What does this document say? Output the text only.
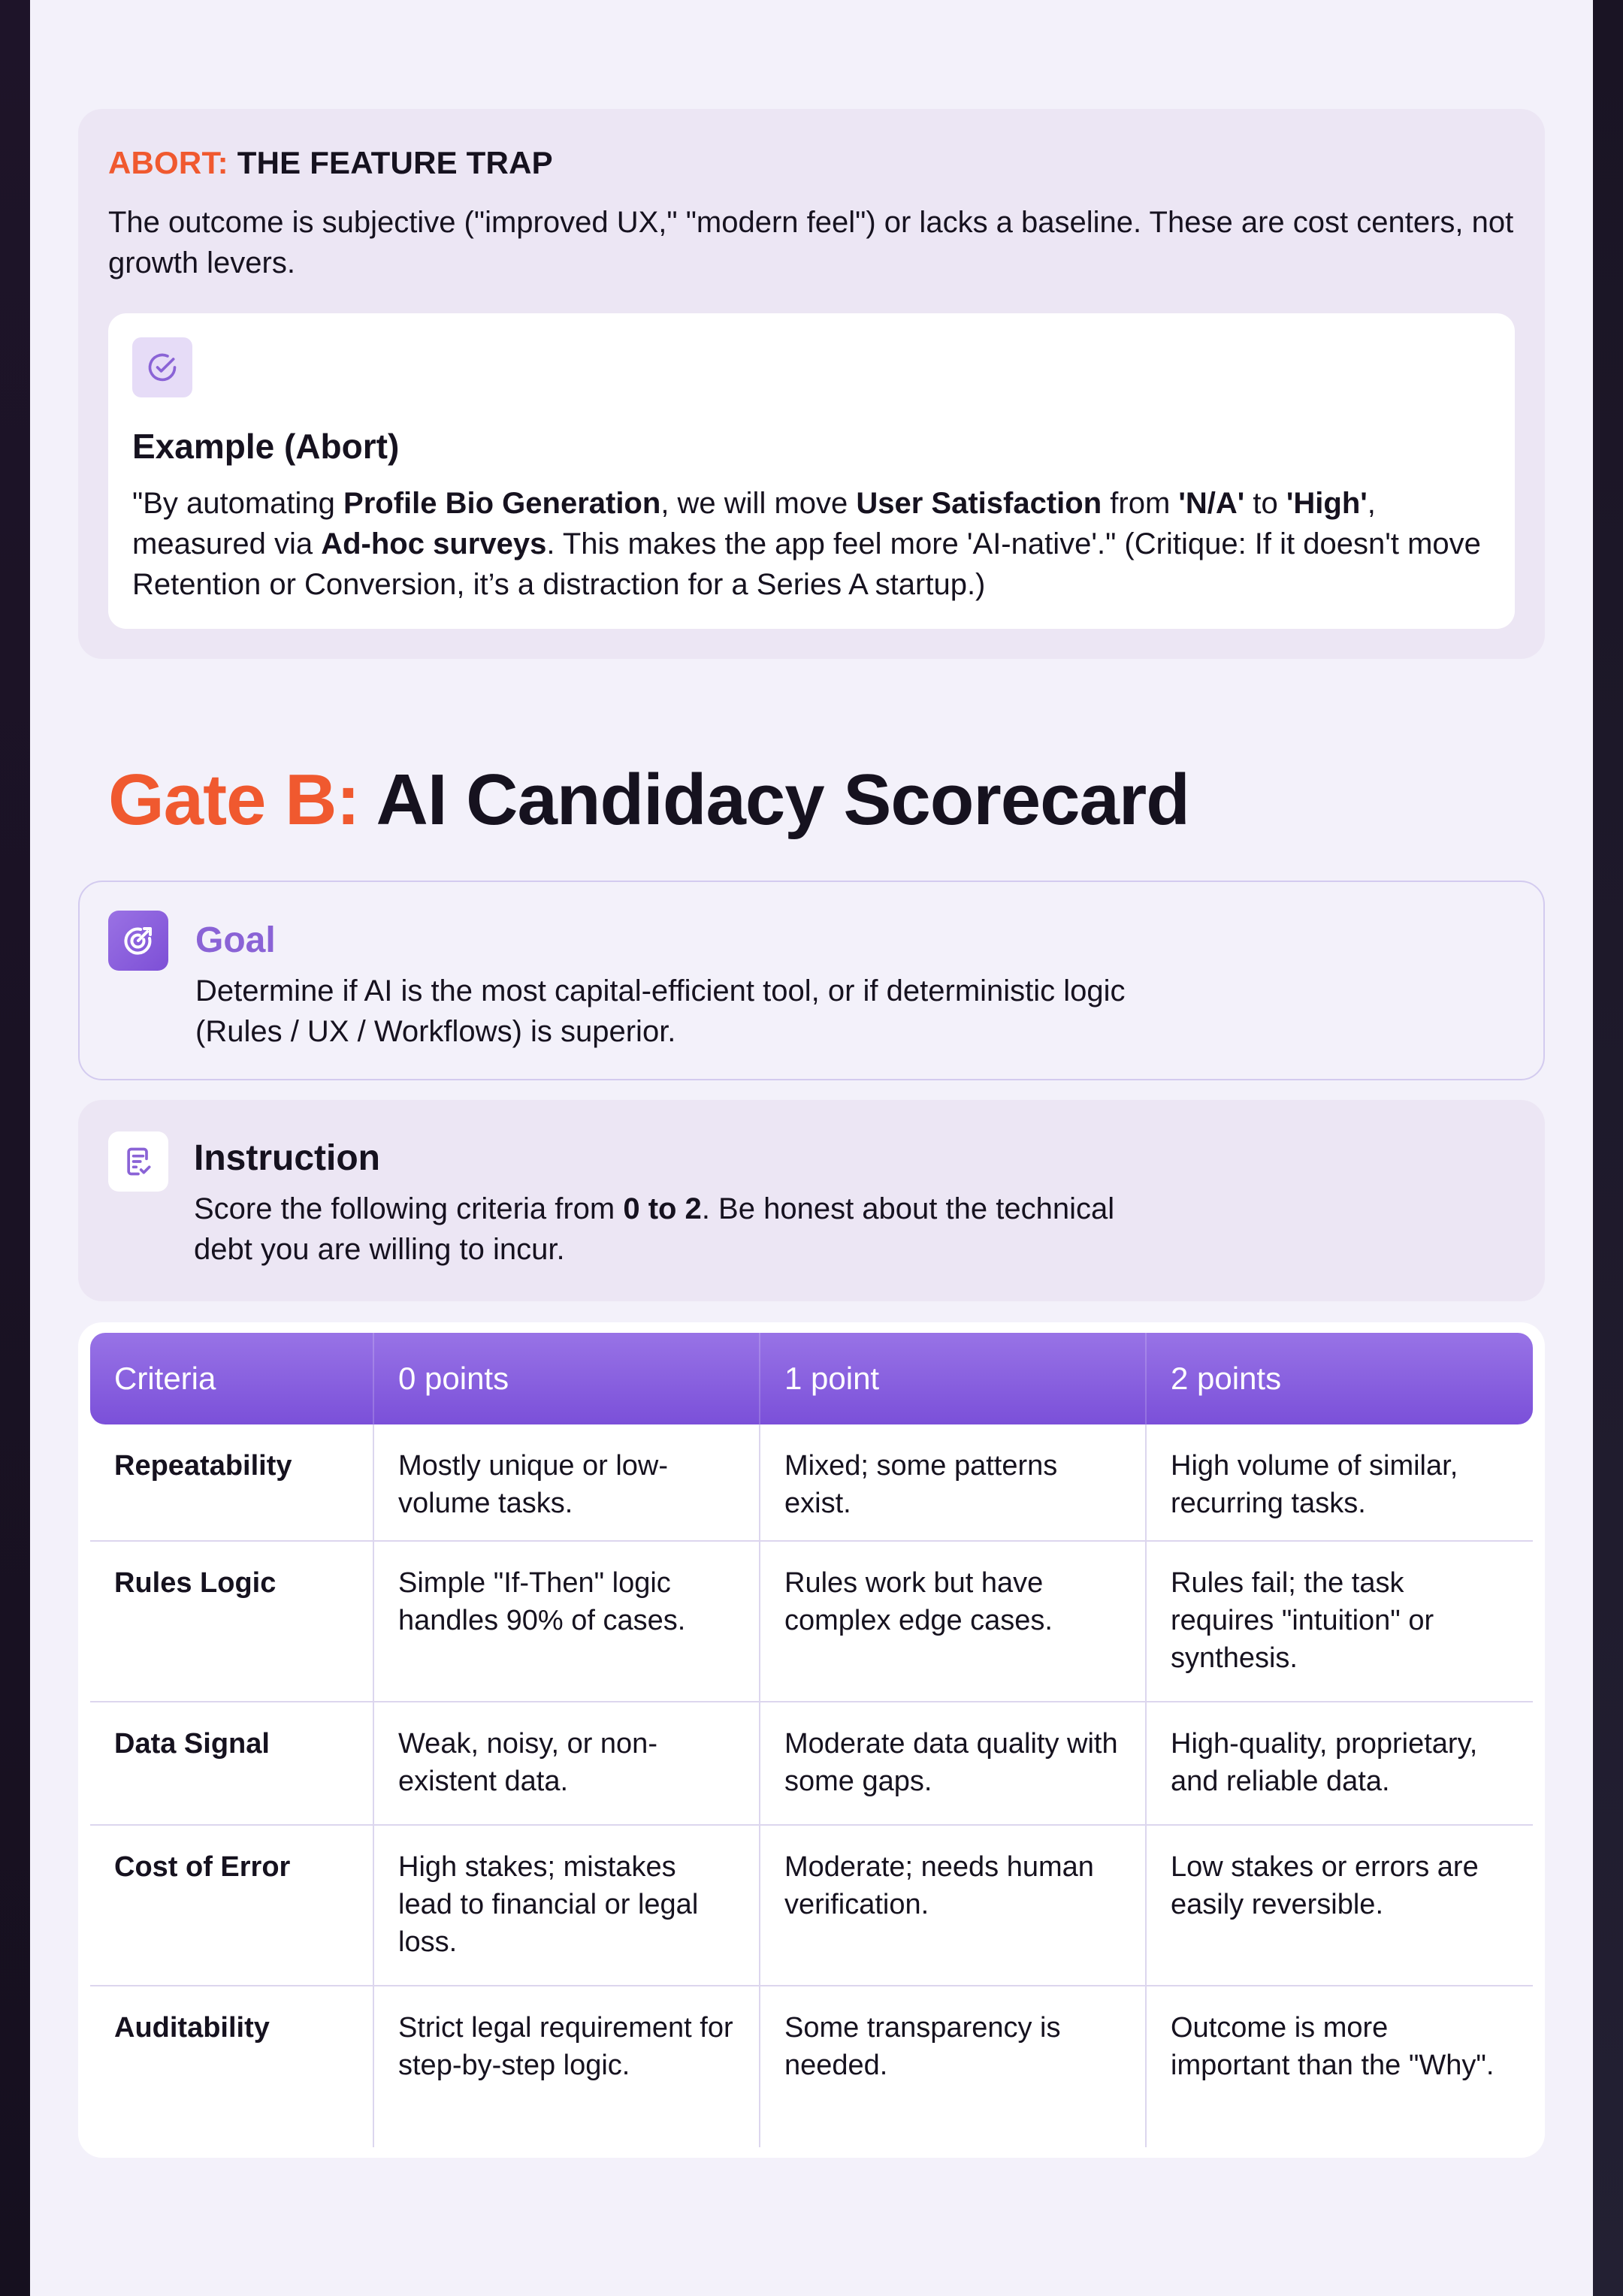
ABORT: THE FEATURE TRAP
The outcome is subjective ("improved UX," "modern feel") or lacks a baseline. These are cost centers, not growth levers.
Example (Abort)
"By automating Profile Bio Generation, we will move User Satisfaction from 'N/A' to 'High', measured via Ad-hoc surveys. This makes the app feel more 'AI-native'." (Critique: If it doesn't move Retention or Conversion, it’s a distraction for a Series A startup.)
Gate B: AI Candidacy Scorecard
Goal
Determine if AI is the most capital-efficient tool, or if deterministic logic
(Rules / UX / Workflows) is superior.
Instruction
Score the following criteria from 0 to 2. Be honest about the technical
debt you are willing to incur.
Criteria	0 points	1 point	2 points
Repeatability	Mostly unique or low-volume tasks.	Mixed; some patterns exist.	High volume of similar, recurring tasks.
Rules Logic	Simple "If-Then" logic handles 90% of cases.	Rules work but have complex edge cases.	Rules fail; the task requires "intuition" or synthesis.
Data Signal	Weak, noisy, or non-existent data.	Moderate data quality with some gaps.	High-quality, proprietary, and reliable data.
Cost of Error	High stakes; mistakes lead to financial or legal loss.	Moderate; needs human verification.	Low stakes or errors are easily reversible.
Auditability	Strict legal requirement for step-by-step logic.	Some transparency is needed.	Outcome is more important than the "Why".
